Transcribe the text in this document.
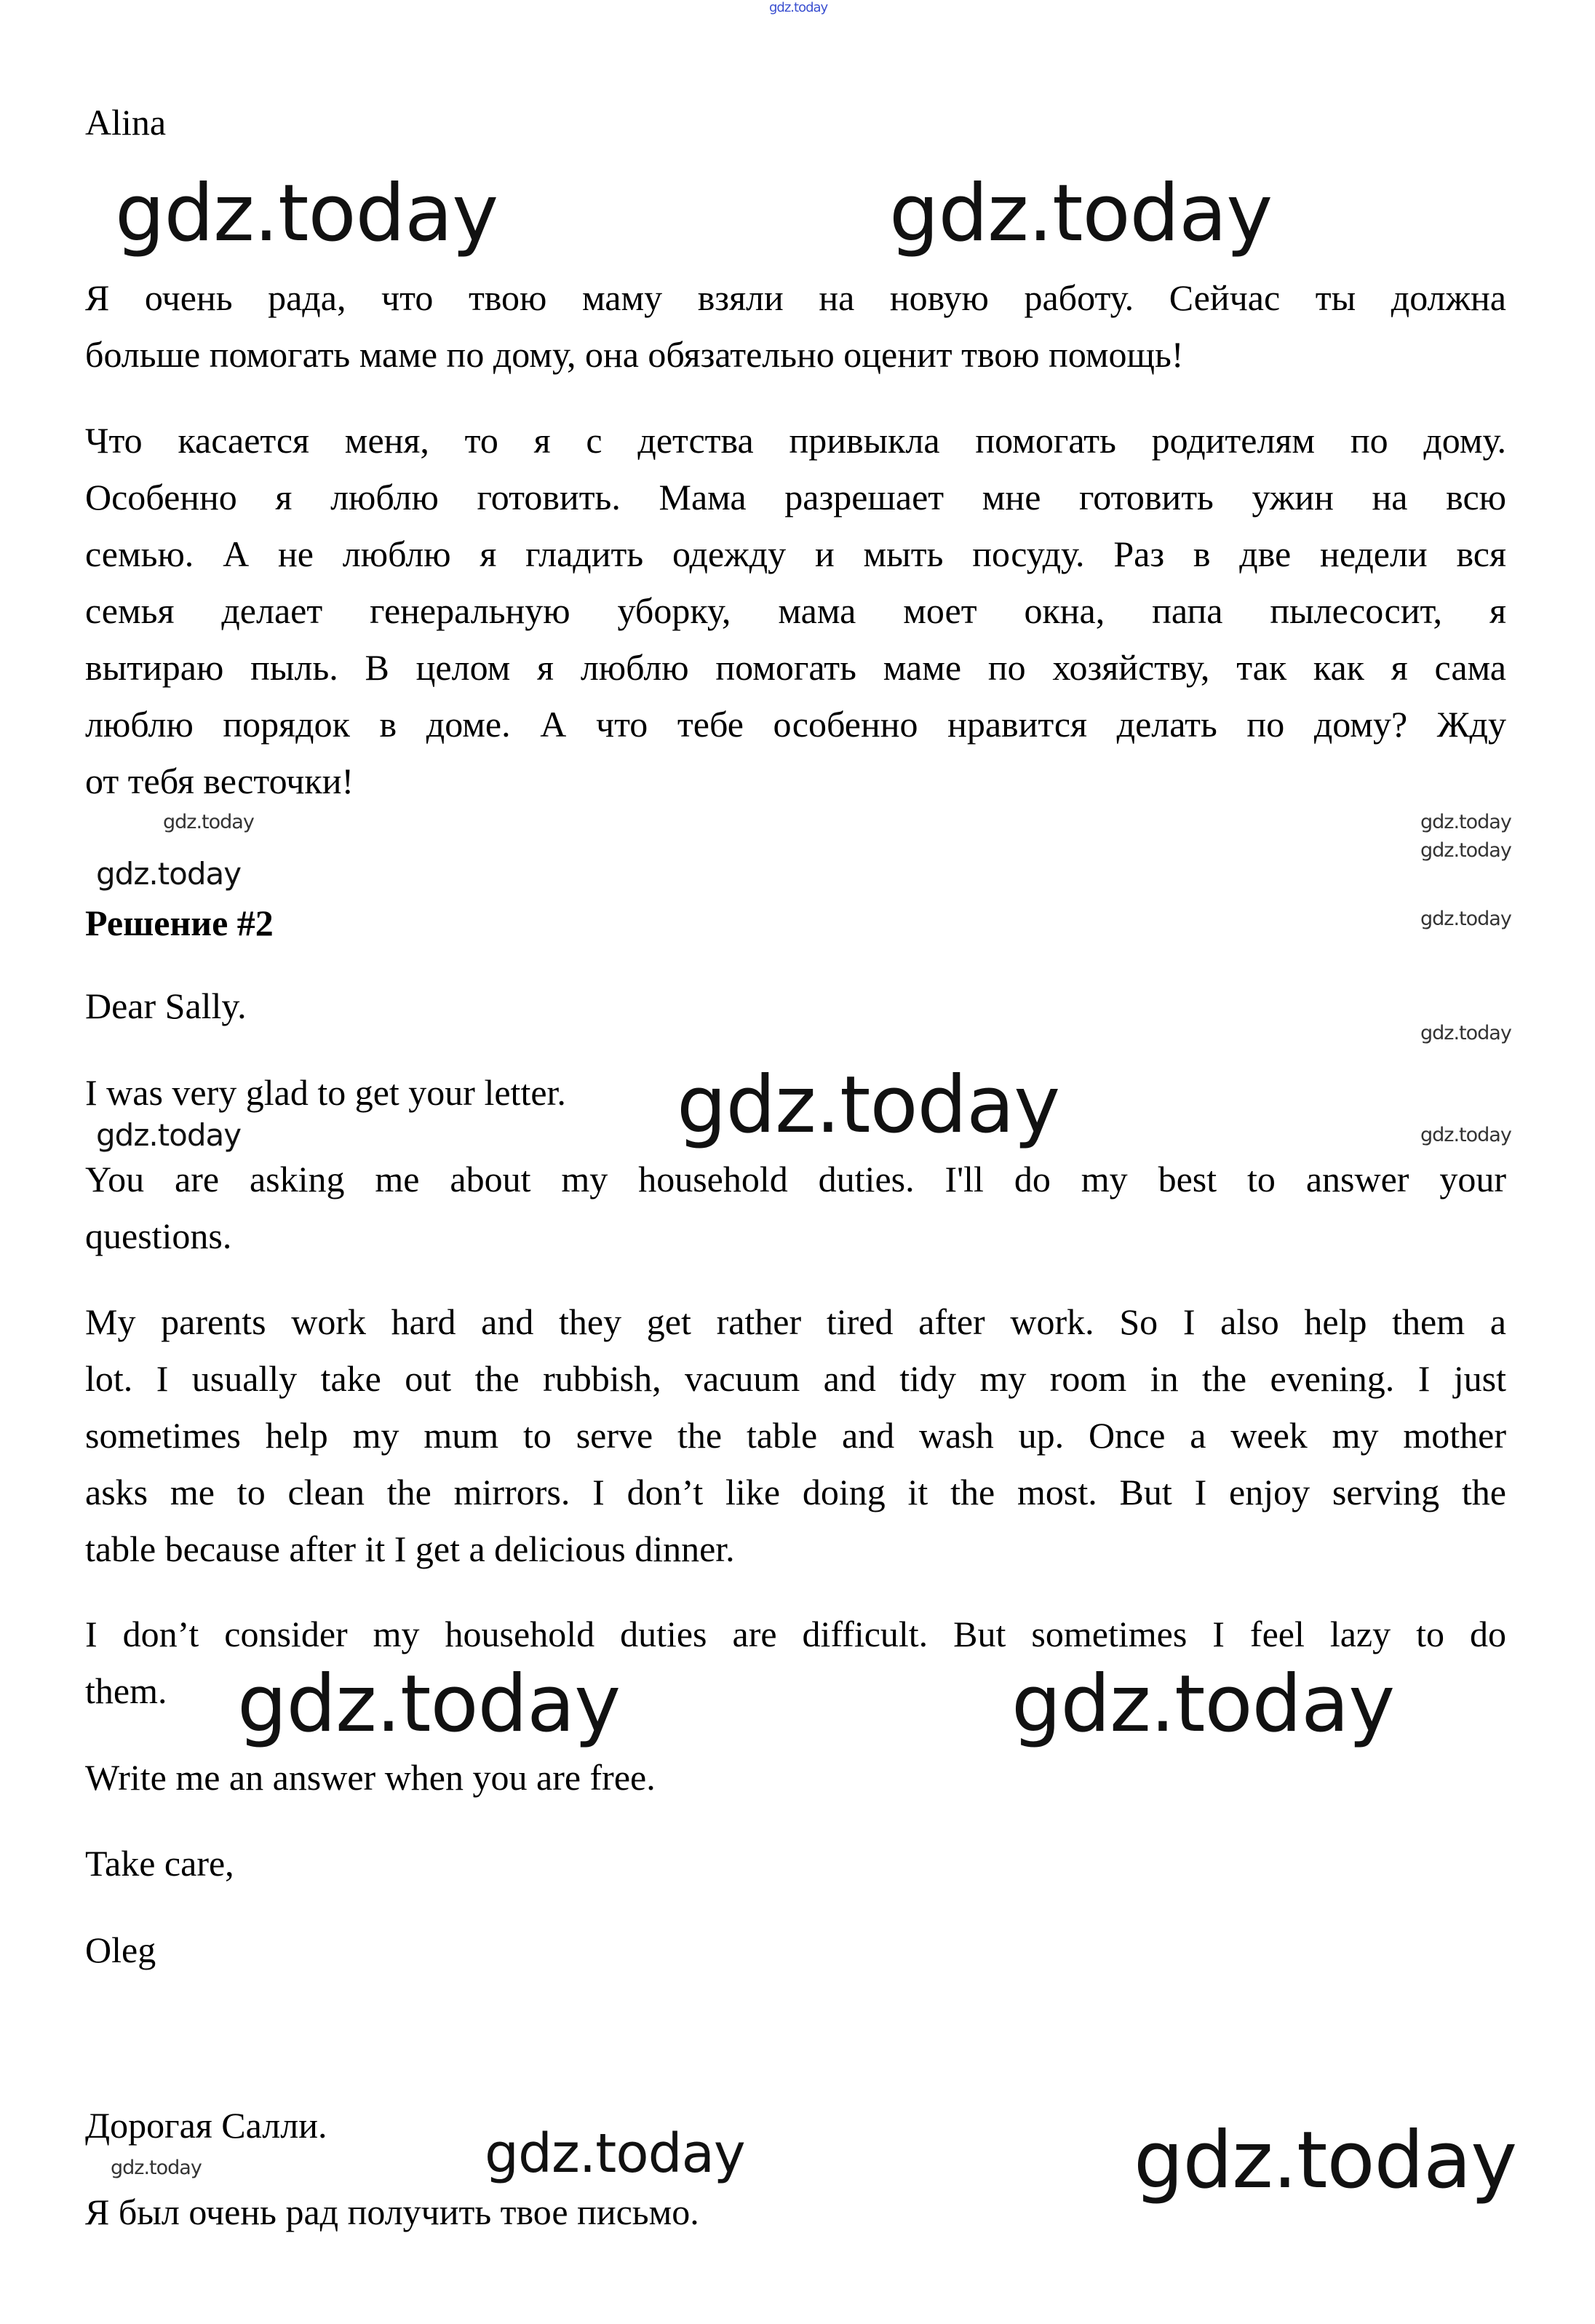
gdz.today
Alina
Я очень рада, что твою маму взяли на новую работу. Сейчас ты должна
больше помогать маме по дому, она обязательно оценит твою помощь!
Что касается меня, то я с детства привыкла помогать родителям по дому.
Особенно я люблю готовить. Мама разрешает мне готовить ужин на всю
семью. А не люблю я гладить одежду и мыть посуду. Раз в две недели вся
семья делает генеральную уборку, мама моет окна, папа пылесосит, я
вытираю пыль. В целом я люблю помогать маме по хозяйству, так как я сама
люблю порядок в доме. А что тебе особенно нравится делать по дому? Жду
от тебя весточки!
Решение #2
Dear Sally.
I was very glad to get your letter.
You are asking me about my household duties. I'll do my best to answer your
questions.
My parents work hard and they get rather tired after work. So I also help them a
lot. I usually take out the rubbish, vacuum and tidy my room in the evening. I just
sometimes help my mum to serve the table and wash up. Once a week my mother
asks me to clean the mirrors. I don’t like doing it the most. But I enjoy serving the
table because after it I get a delicious dinner.
I don’t consider my household duties are difficult. But sometimes I feel lazy to do
them.
Write me an answer when you are free.
Take care,
Oleg
Дорогая Салли.
Я был очень рад получить твое письмо.
gdz.today	gdz.today
gdz.today
gdz.today	gdz.today
gdz.today
gdz.today
gdz.today
gdz.today
gdz.today	gdz.today
gdz.today
gdz.today
gdz.today
gdz.today
gdz.today
